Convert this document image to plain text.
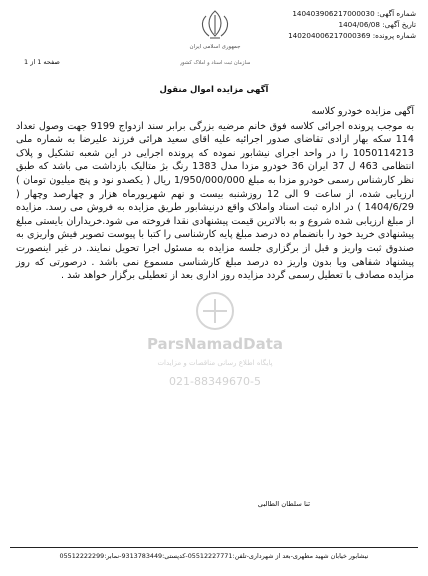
شماره آگهی: 140403906217000030
تاریخ آگهی: 1404/06/08
شماره پرونده: 140204006217000369
جمهوری اسلامی ایران
سازمان ثبت اسناد و املاک کشور
صفحه 1 از 1
آگهی مزایده اموال منقول
آگهی مزایده خودرو کلاسه
به موجب پرونده اجرائی کلاسه فوق خانم مرضیه بزرگی برابر سند ازدواج 9199 جهت وصول تعداد 114 سکه بهار ازادی تقاضای صدور اجرائیه علیه اقای سعید هرائی فرزند علیرضا به شماره ملی 1050114213 را در واحد اجرای نیشابور نموده که پرونده اجرایی در این شعبه تشکیل و پلاک انتظامی 463 ل 37 ایران 36 خودرو مزدا مدل 1383 رنگ بژ متالیک بازداشت می باشد که طبق نظر کارشناس رسمی خودرو مزدا به مبلغ 1/950/000/000 ریال ( یکصدو نود و پنج میلیون تومان ) ارزیابی شده، از ساعت 9 الی 12 روزشنبه بیست و نهم شهریورماه هزار و چهارصد وچهار ( 1404/6/29 ) در اداره ثبت اسناد واملاک واقع درنیشابور طریق مزایده به فروش می رسد. مزایده از مبلغ ارزیابی شده شروع و به بالاترین قیمت پیشنهادی نقدا فروخته می شود.خریداران بایستی مبلغ پیشنهادی خرید خود را بانضمام ده درصد مبلغ پایه کارشناسی را کتبا با پیوست تصویر فیش واریزی به صندوق ثبت واریز و قبل از برگزاری جلسه مزایده به مسئول اجرا تحویل نمایند. در غیر اینصورت پیشنهاد شفاهی ویا بدون واریز ده درصد مبلغ کارشناسی مسموع نمی باشد . درصورتی که روز مزایده مصادف با تعطیل رسمی گردد مزایده روز اداری بعد از تعطیلی برگزار خواهد شد .
ParsNamadData
پایگاه اطلاع رسانی مناقصات و مزایدات
021-88349670-5
ثنا سلطان الطالبی
نیشابور خیابان شهید مطهری-بعد از شهرداری-تلفن:05512227771-کدپستی:9313783449-نمابر:05512222299
